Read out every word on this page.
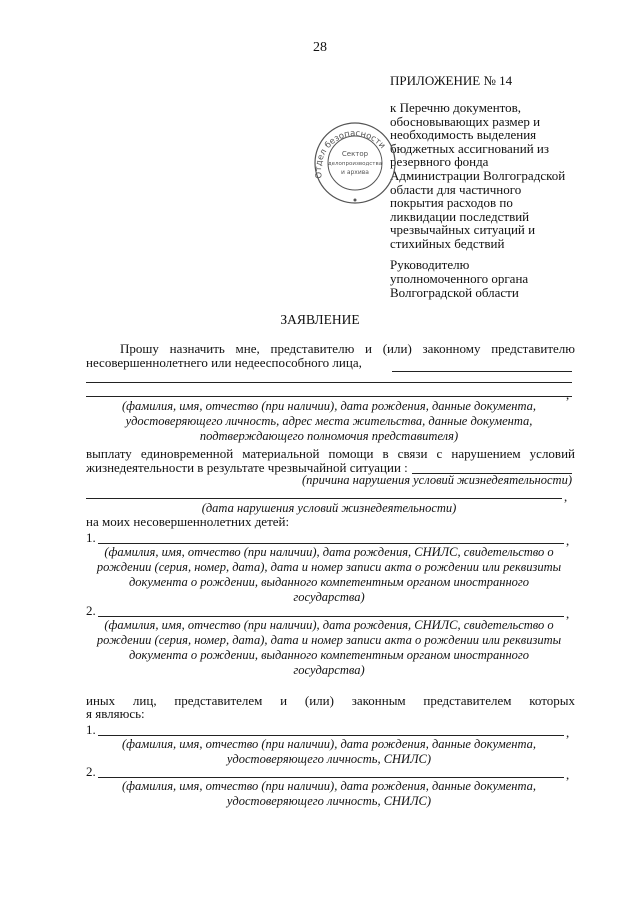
28
ПРИЛОЖЕНИЕ № 14
к Перечню документов,
обосновывающих размер и
необходимость выделения
бюджетных ассигнований из
резервного фонда
Администрации Волгоградской
области для частичного
покрытия расходов по
ликвидации последствий
чрезвычайных ситуаций и
стихийных бедствий
Отдел безопасности
Сектор
делопроизводства
и архива
Руководителю
уполномоченного органа
Волгоградской области
ЗАЯВЛЕНИЕ
Прошу назначить мне, представителю и (или) законному представителю
несовершеннолетнего или недееспособного лица,
,
(фамилия, имя, отчество (при наличии), дата рождения, данные документа,
удостоверяющего личность, адрес места жительства, данные документа,
подтверждающего полномочия представителя)
выплату единовременной материальной помощи в связи с нарушением условий
жизнедеятельности в результате чрезвычайной ситуации :
(причина нарушения условий жизнедеятельности)
,
(дата нарушения условий жизнедеятельности)
на моих несовершеннолетних детей:
1.	,
(фамилия, имя, отчество (при наличии), дата рождения, СНИЛС, свидетельство о
рождении (серия, номер, дата), дата и номер записи акта о рождении или реквизиты
документа о рождении, выданного компетентным органом иностранного
государства)
2.	,
(фамилия, имя, отчество (при наличии), дата рождения, СНИЛС, свидетельство о
рождении (серия, номер, дата), дата и номер записи акта о рождении или реквизиты
документа о рождении, выданного компетентным органом иностранного
государства)
иных лиц, представителем и (или) законным представителем которых
я являюсь:
1.	,
(фамилия, имя, отчество (при наличии), дата рождения, данные документа,
удостоверяющего личность, СНИЛС)
2.	,
(фамилия, имя, отчество (при наличии), дата рождения, данные документа,
удостоверяющего личность, СНИЛС)
